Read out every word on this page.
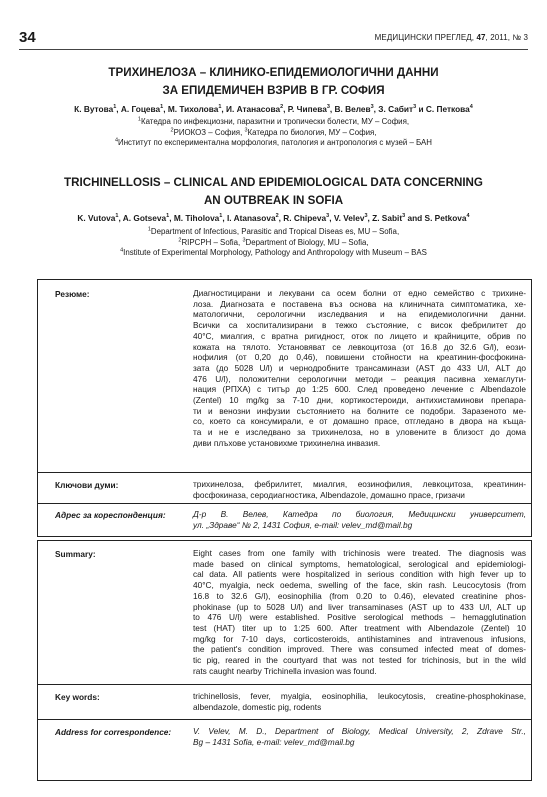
34	МЕДИЦИНСКИ ПРЕГЛЕД, 47, 2011, № 3
ТРИХИНЕЛОЗА – КЛИНИКО-ЕПИДЕМИОЛОГИЧНИ ДАННИ
ЗА ЕПИДЕМИЧЕН ВЗРИВ В ГР. СОФИЯ
К. Вутова$^1$, А. Гоцева$^1$, М. Тихолова$^1$, И. Атанасова$^2$, Р. Чипева$^3$, В. Велев$^3$, З. Сабит$^3$ и С. Петкова$^4$
$^1$Катедра по инфекциозни, паразитни и тропически болести, МУ – София,
$^2$РИОКОЗ – София, $^3$Катедра по биология, МУ – София,
$^4$Институт по експериментална морфология, патология и антропология с музей – БАН
TRICHINELLOSIS – CLINICAL AND EPIDEMIOLOGICAL DATA CONCERNING
AN OUTBREAK IN SOFIA
K. Vutova$^1$, A. Gotseva$^1$, M. Tiholova$^1$, I. Atanasova$^2$, R. Chipeva$^3$, V. Velev$^3$, Z. Sabit$^3$ and S. Petkova$^4$
$^1$Department of Infectious, Parasitic and Tropical Diseas es, MU – Sofia,
$^2$RIPCPH – Sofia, $^3$Department of Biology, MU – Sofia,
$^4$Institute of Experimental Morphology, Pathology and Anthropology with Museum – BAS
Резюме:	Диагностицирани и лекувани са осем болни от едно семейство с трихине-
лоза. Диагнозата е поставена въз основа на клиничната симптоматика, хе-
матологични, серологични изследвания и на епидемиологични данни.
Всички са хоспитализирани в тежко състояние, с висок фебрилитет до
40°С, миалгия, с вратна ригидност, оток по лицето и крайниците, обрив по
кожата на тялото. Установяват се левкоцитоза (от 16.8 до 32.6 G/l), еози-
нофилия (от 0,20 до 0,46), повишени стойности на креатинин-фосфокина-
зата (до 5028 U/l) и чернодробните трансаминази (AST до 433 U/l, ALT до
476 U/l), положителни серологични методи – реакция пасивна хемаглути-
нация (РПХА) с титър до 1:25 600. След проведено лечение с Albendazole
(Zentel) 10 mg/kg за 7-10 дни, кортикостероиди, антихистаминови препара-
ти и венозни инфузии състоянието на болните се подобри. Заразеното ме-
со, което са консумирали, е от домашно прасе, отгледано в двора на къща-
та и не е изследвано за трихинелоза, но в уловените в близост до дома
диви плъхове установихме трихинелна инвазия.
Ключови думи:	трихинелоза, фебрилитет, миалгия, еозинофилия, левкоцитоза, креатинин-
фосфокиназа, серодиагностика, Albendazole, домашно прасе, гризачи
Адрес за кореспонденция:	Д-р В. Велев, Катедра по биология, Медицински университет,
ул. „Здраве“ № 2, 1431 София, e-mail: velev_md@mail.bg
Summary:	Eight cases from one family with trichinosis were treated. The diagnosis was
made based on clinical symptoms, hematological, serological and epidemiologi-
cal data. All patients were hospitalized in serious condition with high fever up to
40°C, myalgia, neck oedema, swelling of the face, skin rash. Leucocytosis (from
16.8 to 32.6 G/l), eosinophilia (from 0.20 to 0.46), elevated creatinine phos-
phokinase (up to 5028 U/l) and liver transaminases (AST up to 433 U/l, ALT up
to 476 U/l) were established. Positive serological methods – hemagglutination
test (HAT) titer up to 1:25 600. After treatment with Albendazole (Zentel) 10
mg/kg for 7-10 days, corticosteroids, antihistamines and intravenous infusions,
the patient's condition improved. There was consumed infected meat of domes-
tic pig, reared in the courtyard that was not tested for trichinosis, but in the wild
rats caught nearby Trichinella invasion was found.
Key words:	trichinellosis, fever, myalgia, eosinophilia, leukocytosis, creatine-phosphokinase,
albendazole, domestic pig, rodents
Address for correspondence:	V. Velev, M. D., Department of Biology, Medical University, 2, Zdrave Str.,
Bg – 1431 Sofia, e-mail: velev_md@mail.bg
